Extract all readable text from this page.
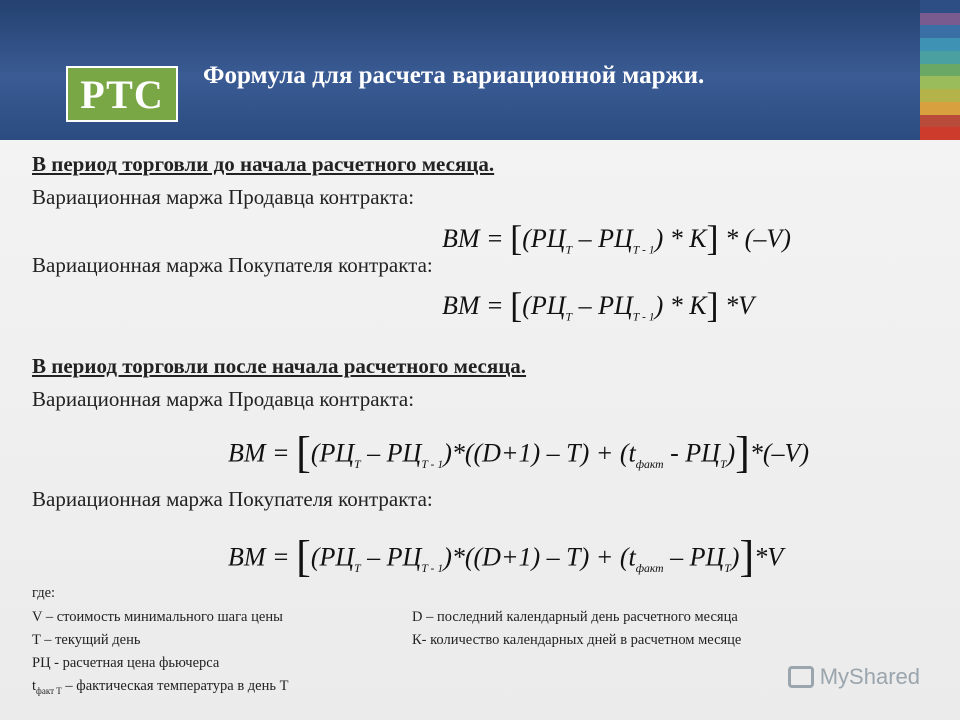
РТС Формула для расчета вариационной маржи.
В период торговли до начала расчетного месяца.
Вариационная маржа Продавца контракта:
ВМ = $[(РЦ_T - РЦ_{T - 1}) * К] * (-V)$
Вариационная маржа Покупателя контракта:
ВМ = $[(РЦ_T - РЦ_{T - 1}) * К]$ *V
В период торговли после начала расчетного месяца.
Вариационная маржа Продавца контракта:
ВМ = $[(РЦ_T - РЦ_{T - 1})*((D+1) - T) + (t_{факт} - РЦ_T)]*(-V)$
Вариационная маржа Покупателя контракта:
ВМ = $[(РЦ_T - РЦ_{T - 1})*((D+1) - T) + (t_{факт} - РЦ_T)]*V$
где:
V – стоимость минимального шага цены
T – текущий день
РЦ - расчетная цена фьючерса
$t_{факт T}$ – фактическая температура в день T
D – последний календарный день расчетного месяца
К- количество календарных дней в расчетном месяце
MyShared
